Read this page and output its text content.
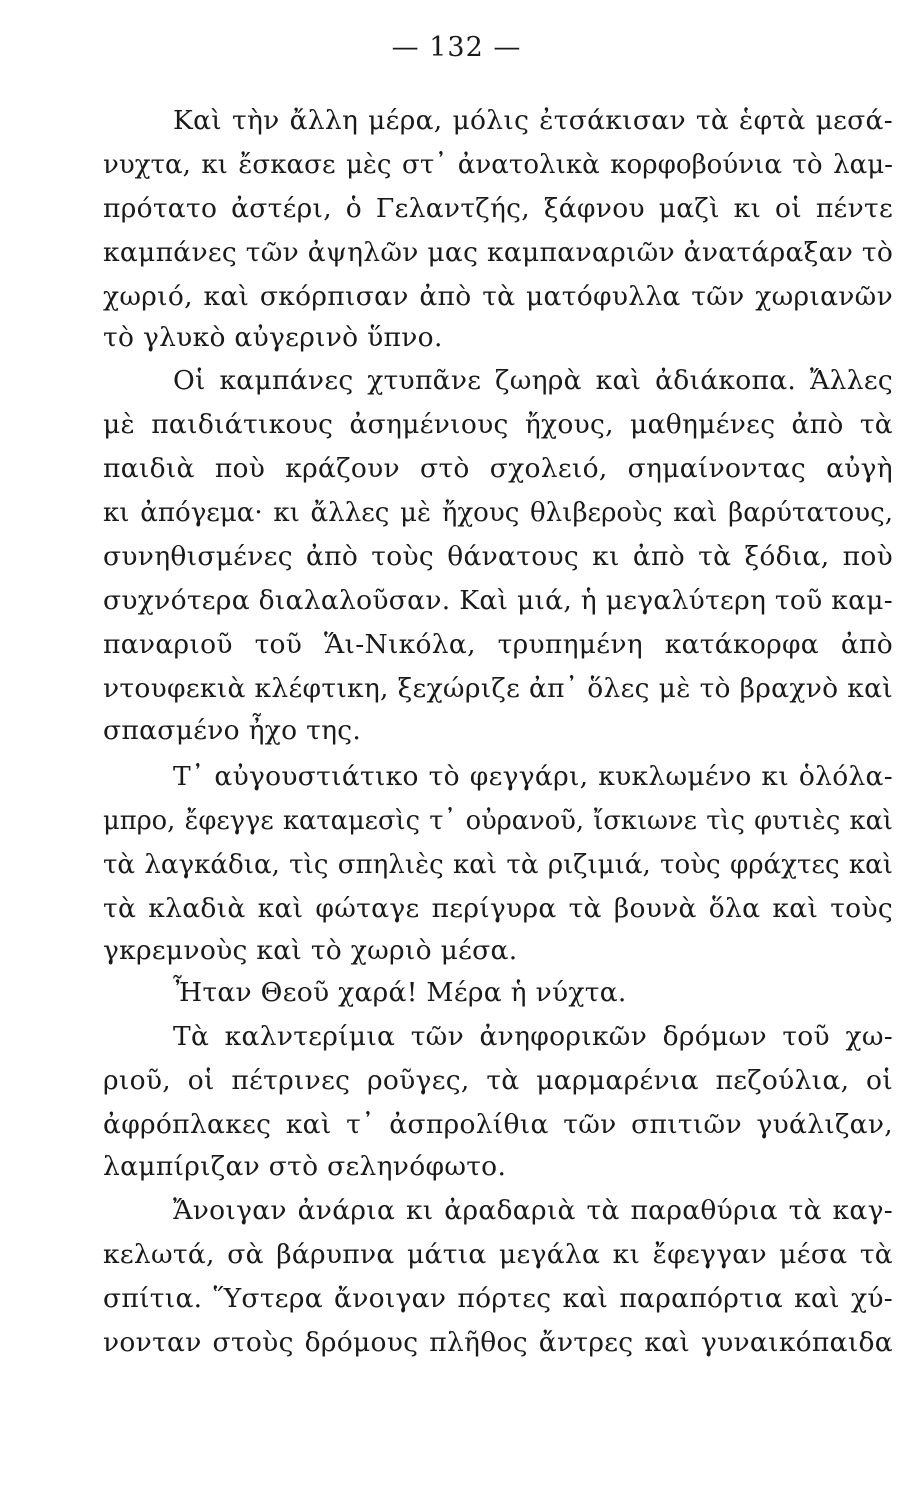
— 132 —
Καὶ τὴν ἄλλη μέρα, μόλις ἐτσάκισαν τὰ ἑφτὰ μεσά-
νυχτα, κι ἔσκασε μὲς στ᾽ ἀνατολικὰ κορφοβούνια τὸ λαμ-
πρότατο ἀστέρι, ὁ Γελαντζής, ξάφνου μαζὶ κι οἱ πέντε
καμπάνες τῶν ἀψηλῶν μας καμπαναριῶν ἀνατάραξαν τὸ
χωριό, καὶ σκόρπισαν ἀπὸ τὰ ματόφυλλα τῶν χωριανῶν
τὸ γλυκὸ αὐγερινὸ ὕπνο.
Οἱ καμπάνες χτυπᾶνε ζωηρὰ καὶ ἀδιάκοπα. Ἄλλες
μὲ παιδιάτικους ἀσημένιους ἤχους, μαθημένες ἀπὸ τὰ
παιδιὰ ποὺ κράζουν στὸ σχολειό, σημαίνοντας αὐγὴ
κι ἀπόγεμα· κι ἄλλες μὲ ἤχους θλιβεροὺς καὶ βαρύτατους,
συνηθισμένες ἀπὸ τοὺς θάνατους κι ἀπὸ τὰ ξόδια, ποὺ
συχνότερα διαλαλοῦσαν. Καὶ μιά, ἡ μεγαλύτερη τοῦ καμ-
παναριοῦ τοῦ Ἅι-Νικόλα, τρυπημένη κατάκορφα ἀπὸ
ντουφεκιὰ κλέφτικη, ξεχώριζε ἀπ᾽ ὅλες μὲ τὸ βραχνὸ καὶ
σπασμένο ἦχο της.
Τ᾽ αὐγουστιάτικο τὸ φεγγάρι, κυκλωμένο κι ὁλόλα-
μπρο, ἔφεγγε καταμεσὶς τ᾽ οὐρανοῦ, ἴσκιωνε τὶς φυτιὲς καὶ
τὰ λαγκάδια, τὶς σπηλιὲς καὶ τὰ ριζιμιά, τοὺς φράχτες καὶ
τὰ κλαδιὰ καὶ φώταγε περίγυρα τὰ βουνὰ ὅλα καὶ τοὺς
γκρεμνοὺς καὶ τὸ χωριὸ μέσα.
Ἦταν Θεοῦ χαρά! Μέρα ἡ νύχτα.
Τὰ καλντερίμια τῶν ἀνηφορικῶν δρόμων τοῦ χω-
ριοῦ, οἱ πέτρινες ροῦγες, τὰ μαρμαρένια πεζούλια, οἱ
ἀφρόπλακες καὶ τ᾽ ἀσπρολίθια τῶν σπιτιῶν γυάλιζαν,
λαμπίριζαν στὸ σεληνόφωτο.
Ἄνοιγαν ἀνάρια κι ἀραδαριὰ τὰ παραθύρια τὰ καγ-
κελωτά, σὰ βάρυπνα μάτια μεγάλα κι ἔφεγγαν μέσα τὰ
σπίτια. Ὕστερα ἄνοιγαν πόρτες καὶ παραπόρτια καὶ χύ-
νονταν στοὺς δρόμους πλῆθος ἄντρες καὶ γυναικόπαιδα
